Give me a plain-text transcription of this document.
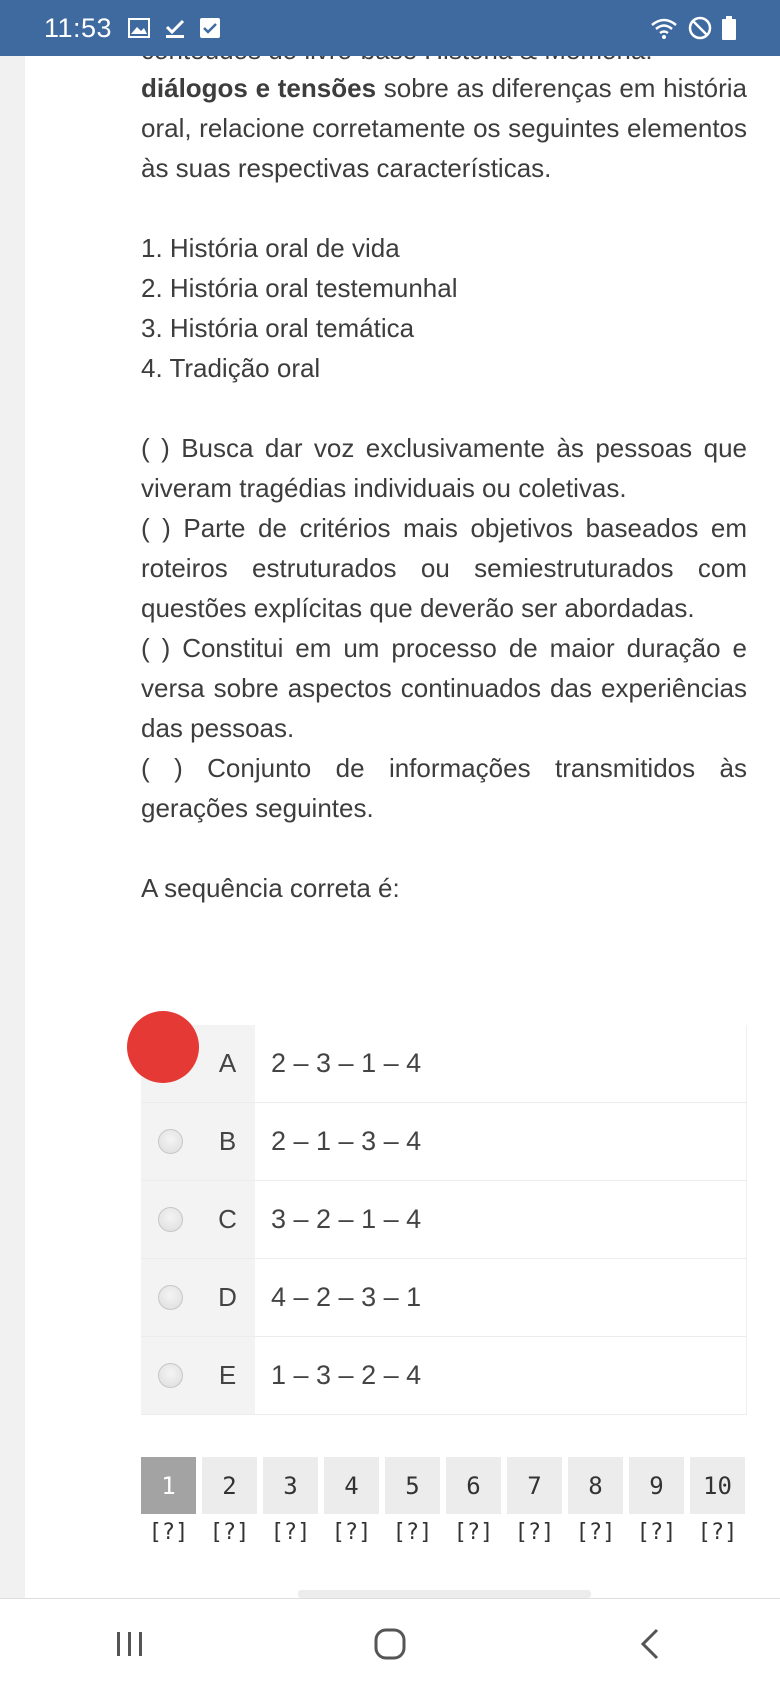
11:53

diálogos e tensões sobre as diferenças em história oral, relacione corretamente os seguintes elementos às suas respectivas características.

1. História oral de vida
2. História oral testemunhal
3. História oral temática
4. Tradição oral

( ) Busca dar voz exclusivamente às pessoas que viveram tragédias individuais ou coletivas.

( ) Parte de critérios mais objetivos baseados em roteiros estruturados ou semiestruturados com questões explícitas que deverão ser abordadas.

( ) Constitui em um processo de maior duração e versa sobre aspectos continuados das experiências das pessoas.

( ) Conjunto de informações transmitidos às gerações seguintes.

A sequência correta é:

A	2 – 3 – 1 – 4
B	2 – 1 – 3 – 4
C	3 – 2 – 1 – 4
D	4 – 2 – 3 – 1
E	1 – 3 – 2 – 4
1
[?]
2
[?]
3
[?]
4
[?]
5
[?]
6
[?]
7
[?]
8
[?]
9
[?]
10
[?]
